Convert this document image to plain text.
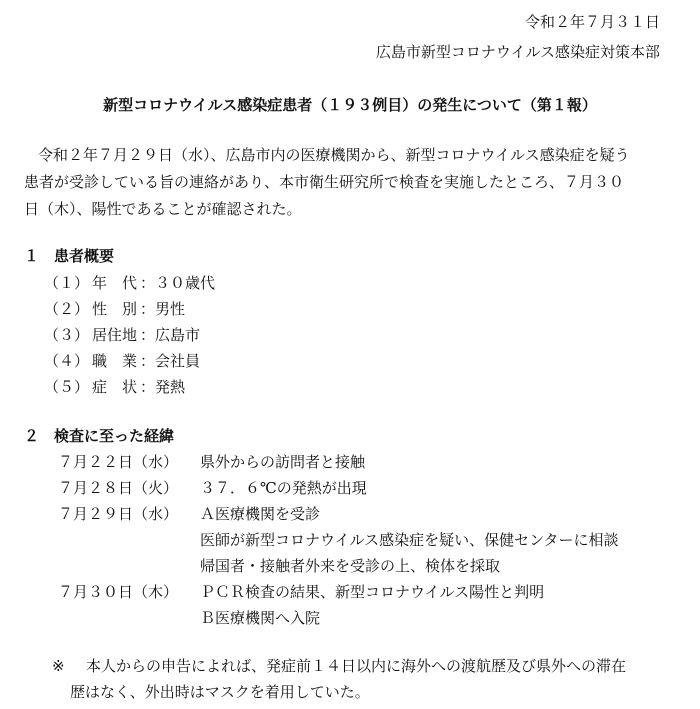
令和２年７月３１日
広島市新型コロナウイルス感染症対策本部
新型コロナウイルス感染症患者（１９３例目）の発生について（第１報）
令和２年７月２９日（水）、広島市内の医療機関から、新型コロナウイルス感染症を疑う
患者が受診している旨の連絡があり、本市衛生研究所で検査を実施したところ、７月３０
日（木）、陽性であることが確認された。
１　患者概要
（１） 年　代 ：３０歳代
（２） 性　別 ：男性
（３） 居住地 ：広島市
（４） 職　業 ：会社員
（５） 症　状 ：発熱
２　検査に至った経緯
７月２２日（水） 県外からの訪問者と接触
７月２８日（火） ３７．６℃の発熱が出現
７月２９日（水） Ａ医療機関を受診
医師が新型コロナウイルス感染症を疑い、保健センターに相談
帰国者・接触者外来を受診の上、検体を採取
７月３０日（木） ＰＣＲ検査の結果、新型コロナウイルス陽性と判明
Ｂ医療機関へ入院
※ 本人からの申告によれば、発症前１４日以内に海外への渡航歴及び県外への滞在
歴はなく、外出時はマスクを着用していた。
